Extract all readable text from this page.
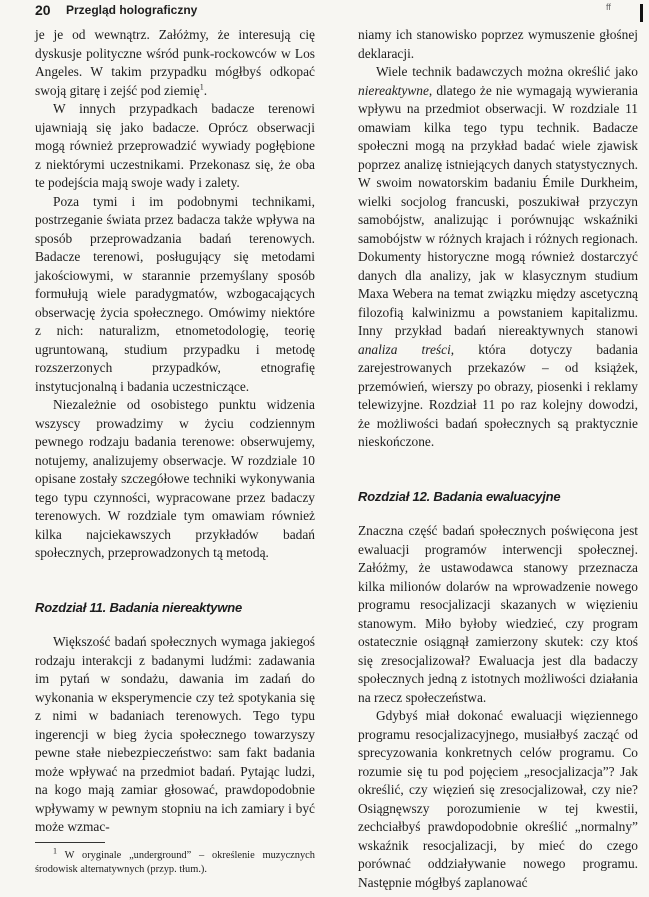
20 Przegląd holograficzny	ff

je je od wewnątrz. Załóżmy, że interesują cię dyskusje polityczne wśród punk-rockowców w Los Angeles. W takim przypadku mógłbyś odkopać swoją gitarę i zejść pod ziemię$^1$.

W innych przypadkach badacze terenowi ujawniają się jako badacze. Oprócz obserwacji mogą również przeprowadzić wywiady pogłębione z niektórymi uczestnikami. Przekonasz się, że oba te podejścia mają swoje wady i zalety.

Poza tymi i im podobnymi technikami, postrzeganie świata przez badacza także wpływa na sposób przeprowadzania badań terenowych. Badacze terenowi, posługujący się metodami jakościowymi, w starannie przemyślany sposób formułują wiele paradygmatów, wzbogacających obserwację życia społecznego. Omówimy niektóre z nich: naturalizm, etnometodologię, teorię ugruntowaną, studium przypadku i metodę rozszerzonych przypadków, etnografię instytucjonalną i badania uczestniczące.

Niezależnie od osobistego punktu widzenia wszyscy prowadzimy w życiu codziennym pewnego rodzaju badania terenowe: obserwujemy, notujemy, analizujemy obserwacje. W rozdziale 10 opisane zostały szczegółowe techniki wykonywania tego typu czynności, wypracowane przez badaczy terenowych. W rozdziale tym omawiam również kilka najciekawszych przykładów badań społecznych, przeprowadzonych tą metodą.

Rozdział 11. Badania niereaktywne

Większość badań społecznych wymaga jakiegoś rodzaju interakcji z badanymi ludźmi: zadawania im pytań w sondażu, dawania im zadań do wykonania w eksperymencie czy też spotykania się z nimi w badaniach terenowych. Tego typu ingerencji w bieg życia społecznego towarzyszy pewne stałe niebezpieczeństwo: sam fakt badania może wpływać na przedmiot badań. Pytając ludzi, na kogo mają zamiar głosować, prawdopodobnie wpływamy w pewnym stopniu na ich zamiary i być może wzmac-

niamy ich stanowisko poprzez wymuszenie głośnej deklaracji.

Wiele technik badawczych można określić jako niereaktywne, dlatego że nie wymagają wywierania wpływu na przedmiot obserwacji. W rozdziale 11 omawiam kilka tego typu technik. Badacze społeczni mogą na przykład badać wiele zjawisk poprzez analizę istniejących danych statystycznych. W swoim nowatorskim badaniu Émile Durkheim, wielki socjolog francuski, poszukiwał przyczyn samobójstw, analizując i porównując wskaźniki samobójstw w różnych krajach i różnych regionach. Dokumenty historyczne mogą również dostarczyć danych dla analizy, jak w klasycznym studium Maxa Webera na temat związku między ascetyczną filozofią kalwinizmu a powstaniem kapitalizmu. Inny przykład badań niereaktywnych stanowi analiza treści, która dotyczy badania zarejestrowanych przekazów – od książek, przemówień, wierszy po obrazy, piosenki i reklamy telewizyjne. Rozdział 11 po raz kolejny dowodzi, że możliwości badań społecznych są praktycznie nieskończone.

Rozdział 12. Badania ewaluacyjne

Znaczna część badań społecznych poświęcona jest ewaluacji programów interwencji społecznej. Załóżmy, że ustawodawca stanowy przeznacza kilka milionów dolarów na wprowadzenie nowego programu resocjalizacji skazanych w więzieniu stanowym. Miło byłoby wiedzieć, czy program ostatecznie osiągnął zamierzony skutek: czy ktoś się zresocjalizował? Ewaluacja jest dla badaczy społecznych jedną z istotnych możliwości działania na rzecz społeczeństwa.

Gdybyś miał dokonać ewaluacji więziennego programu resocjalizacyjnego, musiałbyś zacząć od sprecyzowania konkretnych celów programu. Co rozumie się tu pod pojęciem „resocjalizacja”? Jak określić, czy więzień się zresocjalizował, czy nie? Osiągnęwszy porozumienie w tej kwestii, zechciałbyś prawdopodobnie określić „normalny” wskaźnik resocjalizacji, by mieć do czego porównać oddziaływanie nowego programu. Następnie mógłbyś zaplanować

$^1$ W oryginale „underground” – określenie muzycznych środowisk alternatywnych (przyp. tłum.).
